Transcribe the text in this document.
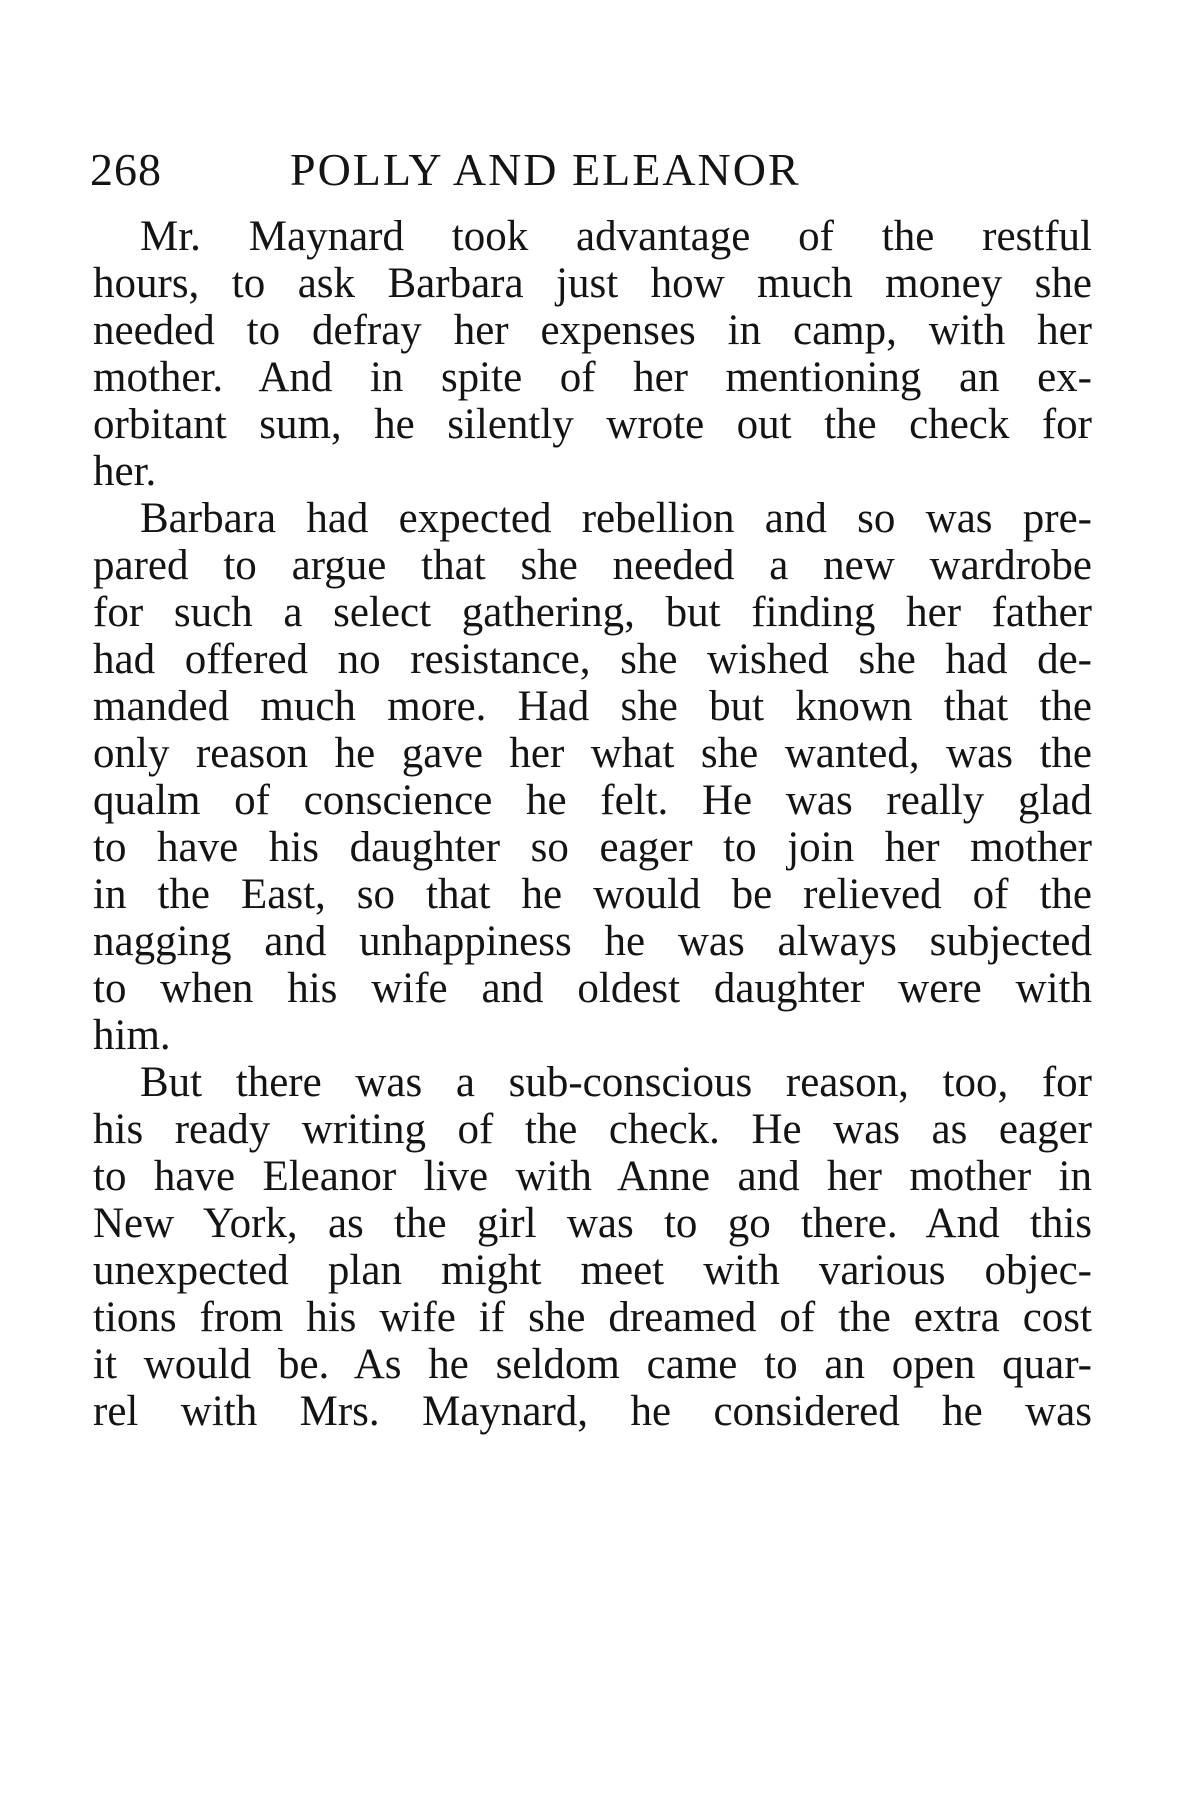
268	POLLY AND ELEANOR
Mr. Maynard took advantage of the restful
hours, to ask Barbara just how much money she
needed to defray her expenses in camp, with her
mother. And in spite of her mentioning an ex-
orbitant sum, he silently wrote out the check for
her.
Barbara had expected rebellion and so was pre-
pared to argue that she needed a new wardrobe
for such a select gathering, but finding her father
had offered no resistance, she wished she had de-
manded much more. Had she but known that the
only reason he gave her what she wanted, was the
qualm of conscience he felt. He was really glad
to have his daughter so eager to join her mother
in the East, so that he would be relieved of the
nagging and unhappiness he was always subjected
to when his wife and oldest daughter were with
him.
But there was a sub-conscious reason, too, for
his ready writing of the check. He was as eager
to have Eleanor live with Anne and her mother in
New York, as the girl was to go there. And this
unexpected plan might meet with various objec-
tions from his wife if she dreamed of the extra cost
it would be. As he seldom came to an open quar-
rel with Mrs. Maynard, he considered he was
